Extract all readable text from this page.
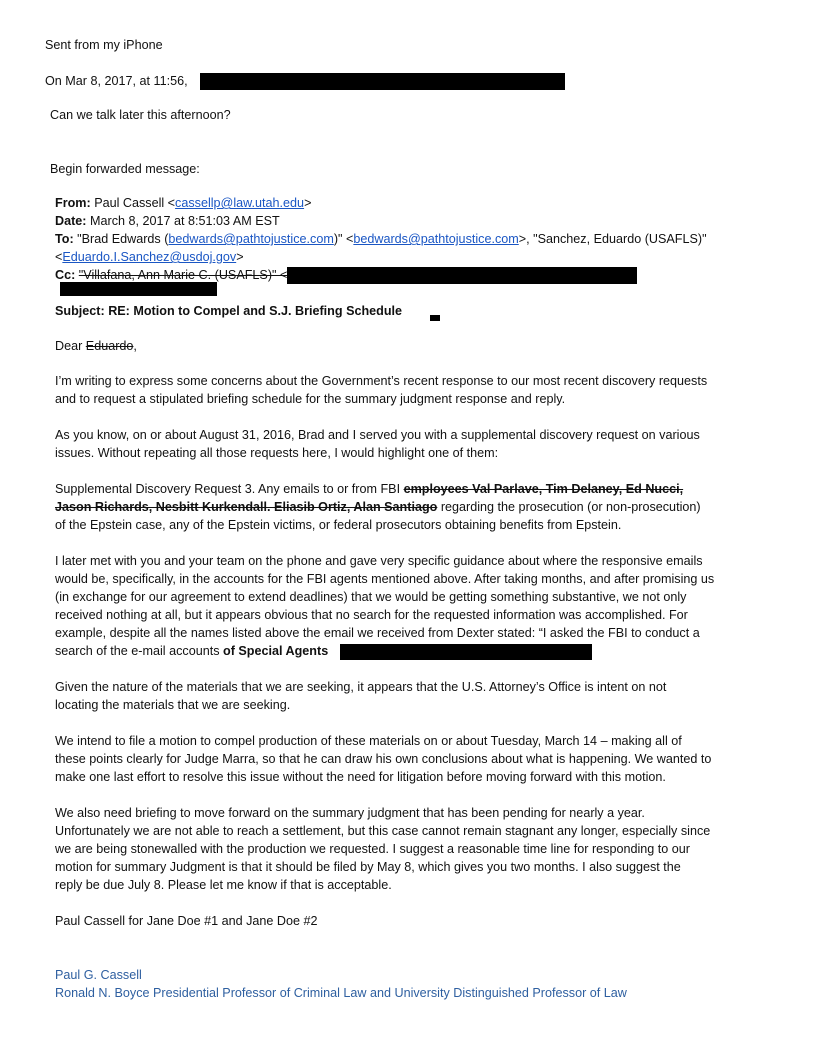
Sent from my iPhone
On Mar 8, 2017, at 11:56,
Can we talk later this afternoon?
Begin forwarded message:
From: Paul Cassell <cassellp@law.utah.edu>
Date: March 8, 2017 at 8:51:03 AM EST
To: "Brad Edwards (bedwards@pathtojustice.com)" <bedwards@pathtojustice.com>, "Sanchez, Eduardo (USAFLS)"
<Eduardo.I.Sanchez@usdoj.gov>
Cc: "Villafana, Ann Marie C. (USAFLS)" <
Subject: RE: Motion to Compel and S.J. Briefing Schedule
Dear Eduardo,
I’m writing to express some concerns about the Government’s recent response to our most recent discovery requests
and to request a stipulated briefing schedule for the summary judgment response and reply.
As you know, on or about August 31, 2016, Brad and I served you with a supplemental discovery request on various
issues. Without repeating all those requests here, I would highlight one of them:
Supplemental Discovery Request 3. Any emails to or from FBI employees Val Parlave, Tim Delaney, Ed Nucci,
Jason Richards, Nesbitt Kurkendall. Eliasib Ortiz, Alan Santiago regarding the prosecution (or non-prosecution)
of the Epstein case, any of the Epstein victims, or federal prosecutors obtaining benefits from Epstein.
I later met with you and your team on the phone and gave very specific guidance about where the responsive emails
would be, specifically, in the accounts for the FBI agents mentioned above. After taking months, and after promising us
(in exchange for our agreement to extend deadlines) that we would be getting something substantive, we not only
received nothing at all, but it appears obvious that no search for the requested information was accomplished. For
example, despite all the names listed above the email we received from Dexter stated: “I asked the FBI to conduct a
search of the e-mail accounts of Special Agents
Given the nature of the materials that we are seeking, it appears that the U.S. Attorney’s Office is intent on not
locating the materials that we are seeking.
We intend to file a motion to compel production of these materials on or about Tuesday, March 14 – making all of
these points clearly for Judge Marra, so that he can draw his own conclusions about what is happening. We wanted to
make one last effort to resolve this issue without the need for litigation before moving forward with this motion.
We also need briefing to move forward on the summary judgment that has been pending for nearly a year.
Unfortunately we are not able to reach a settlement, but this case cannot remain stagnant any longer, especially since
we are being stonewalled with the production we requested. I suggest a reasonable time line for responding to our
motion for summary Judgment is that it should be filed by May 8, which gives you two months. I also suggest the
reply be due July 8. Please let me know if that is acceptable.
Paul Cassell for Jane Doe #1 and Jane Doe #2
Paul G. Cassell
Ronald N. Boyce Presidential Professor of Criminal Law and University Distinguished Professor of Law
